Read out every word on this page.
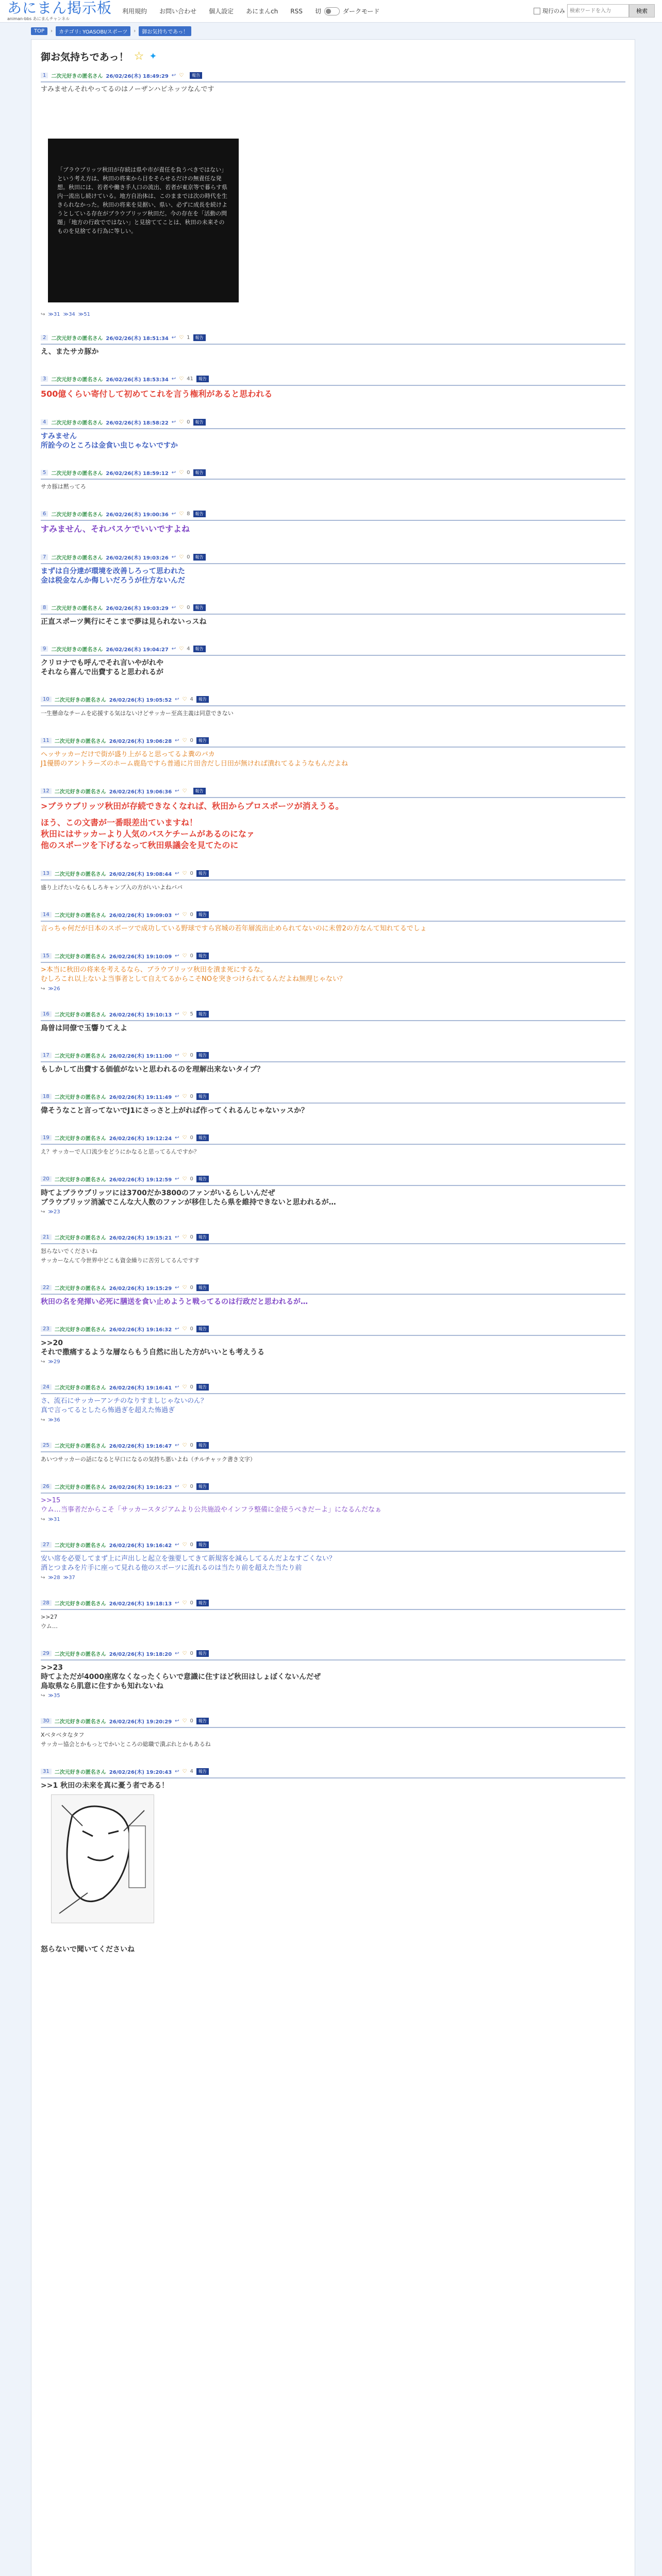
あにまん掲示板
animan-bbs あにまんチャンネル
利用規約 お問い合わせ 個人設定 あにまんch RSS 切	ダークモード	現行のみ
検索ワードを入力	検索
TOP	›	カテゴリ: YOASOBI/スポーツ	›	御お気持ちであっ！
御お気持ちであっ！ ☆ ✦
1	二次元好きの匿名さん 26/02/26(木) 18:49:29 ↩ ♡	報告
すみませんそれやってるのはノーザンハピネッツなんです
「ブラウブリッツ秋田が存続は県や市が責任を負うべきではない」という考え方は、秋田の将来から目をそらせるだけの無責任な発想。秋田には、若者や働き手人口の流出、若者が東京等で暮らす県内一流出し続けている。地方自治体は、このままでは次の時代を生きられなかった。秋田の将来を見据い、県い、必ずに成長を続けようとしている存在がブラウブリッツ秋田だ。今の存在を「活動の問題」「地方の行政でではない」と見捨ててことは、秋田の未来そのものを見捨てる行為に等しい。
↪ ≫31 ≫34 ≫51
2	二次元好きの匿名さん 26/02/26(木) 18:51:34 ↩ ♡ 1	報告
え、またサカ豚か
3	二次元好きの匿名さん 26/02/26(木) 18:53:34 ↩ ♡ 41	報告
500億くらい寄付して初めてこれを言う権利があると思われる
4	二次元好きの匿名さん 26/02/26(木) 18:58:22 ↩ ♡ 0	報告
すみません
所詮今のところは金食い虫じゃないですか
5	二次元好きの匿名さん 26/02/26(木) 18:59:12 ↩ ♡ 0	報告
サカ豚は黙ってろ
6	二次元好きの匿名さん 26/02/26(木) 19:00:36 ↩ ♡ 8	報告
すみません、それバスケでいいですよね
7	二次元好きの匿名さん 26/02/26(木) 19:03:26 ↩ ♡ 0	報告
まずは自分達が環境を改善しろって思われた
金は税金なんか侮しいだろうが仕方ないんだ
8	二次元好きの匿名さん 26/02/26(木) 19:03:29 ↩ ♡ 0	報告
正直スポーツ興行にそこまで夢は見られないっスね
9	二次元好きの匿名さん 26/02/26(木) 19:04:27 ↩ ♡ 4	報告
クリロナでも呼んでそれ言いやがれや
それなら喜んで出費すると思われるが
10	二次元好きの匿名さん 26/02/26(木) 19:05:52 ↩ ♡ 4	報告
一生懸命なチームを応援する気はないけどサッカー至高主義は同意できない
11	二次元好きの匿名さん 26/02/26(木) 19:06:28 ↩ ♡ 0	報告
ヘッサッカーだけで街が盛り上がると思ってるよ糞のバカ
J1優勝のアントラーズのホーム鹿島ですら普通に片田舎だし日田が無ければ潰れてるようなもんだよね
12	二次元好きの匿名さん 26/02/26(木) 19:06:36 ↩ ♡	報告
>ブラウブリッツ秋田が存続できなくなれば、秋田からプロスポーツが消えうる。
ほう、この文書が一番眼差出ていますね！
秋田にはサッカーより人気のバスケチームがあるのになァ
他のスポーツを下げるなって秋田県議会を見てたのに
13	二次元好きの匿名さん 26/02/26(木) 19:08:44 ↩ ♡ 0	報告
盛り上げたいならもしろキャンプ入の方がいいよねバパ
14	二次元好きの匿名さん 26/02/26(木) 19:09:03 ↩ ♡ 0	報告
言っちゃ何だが日本のスポーツで成功している野球ですら宮城の若年層流出止められてないのに未曾2の方なんて知れてるでしょ
15	二次元好きの匿名さん 26/02/26(木) 19:10:09 ↩ ♡ 0	報告
>本当に秋田の将来を考えるなら、ブラウブリッツ秋田を潰ま死にするな。
むしろこれ以上ないよ当事者として自えてるからこそNOを突きつけられてるんだよね無理じゃない？
↪ ≫26
16	二次元好きの匿名さん 26/02/26(木) 19:10:13 ↩ ♡ 5	報告
鳥曽は同僚で玉響りてえよ
17	二次元好きの匿名さん 26/02/26(木) 19:11:00 ↩ ♡ 0	報告
もしかして出費する価値がないと思われるのを理解出来ないタイプ？
18	二次元好きの匿名さん 26/02/26(木) 19:11:49 ↩ ♡ 0	報告
偉そうなこと言ってないでJ1にさっさと上がれば作ってくれるんじゃないッスか？
19	二次元好きの匿名さん 26/02/26(木) 19:12:24 ↩ ♡ 0	報告
え？サッカーで人口流少をどうにかなると思ってるんですか？
20	二次元好きの匿名さん 26/02/26(木) 19:12:59 ↩ ♡ 0	報告
時てよブラウブリッツには3700だか3800のファンがいるらしいんだぜ
ブラウブリッツ消滅でこんな大人数のファンが移住したら県を維持できないと思われるが…
↪ ≫23
21	二次元好きの匿名さん 26/02/26(木) 19:15:21 ↩ ♡ 0	報告
怒らないでくださいね
サッカーなんて今世界中どこも資金繰りに苦労してるんですす
22	二次元好きの匿名さん 26/02/26(木) 19:15:29 ↩ ♡ 0	報告
秋田の名を発揮い必死に膳送を食い止めようと戦ってるのは行政だと思われるが…
23	二次元好きの匿名さん 26/02/26(木) 19:16:32 ↩ ♡ 0	報告
>>20
それで撒痛するような層ならもう自然に出した方がいいとも考えうる
↪ ≫29
24	二次元好きの匿名さん 26/02/26(木) 19:16:41 ↩ ♡ 0	報告
さ、流石にサッカーアンチのなりすましじゃないのん？
真で言ってるとしたら怖過ぎを超えた怖過ぎ
↪ ≫36
25	二次元好きの匿名さん 26/02/26(木) 19:16:47 ↩ ♡ 0	報告
あいつサッカーの話になると早口になるの気持ち悪いよね（チルチャック書き文字）
26	二次元好きの匿名さん 26/02/26(木) 19:16:23 ↩ ♡ 0	報告
>>15
ウム…当事者だからこそ「サッカースタジアムより公共施設やインフラ整備に金使うべきだーよ」になるんだなぁ
↪ ≫31
27	二次元好きの匿名さん 26/02/26(木) 19:16:42 ↩ ♡ 0	報告
安い席を必要してまず上に声出しと起立を強要してきて新規客を減らしてるんだよなすごくない？
酒とつまみを片手に座って見れる他のスポーツに流れるのは当たり前を超えた当たり前
↪ ≫28 ≫37
28	二次元好きの匿名さん 26/02/26(木) 19:18:13 ↩ ♡ 0	報告
>>27
ウム…
29	二次元好きの匿名さん 26/02/26(木) 19:18:20 ↩ ♡ 0	報告
>>23
時てよただが4000座席なくなったくらいで意識に住すほど秋田はしょぼくないんだぜ
鳥取県なら肌意に住すかも知れないね
↪ ≫35
30	二次元好きの匿名さん 26/02/26(木) 19:20:29 ↩ ♡ 0	報告
Xベタベタなタフ
サッカー協会とかもっとでかいところの総職で潰ぶれとかもあるね
31	二次元好きの匿名さん 26/02/26(木) 19:20:43 ↩ ♡ 4	報告
>>1 秋田の未来を真に憂う者である！
怒らないで聞いてくださいね
